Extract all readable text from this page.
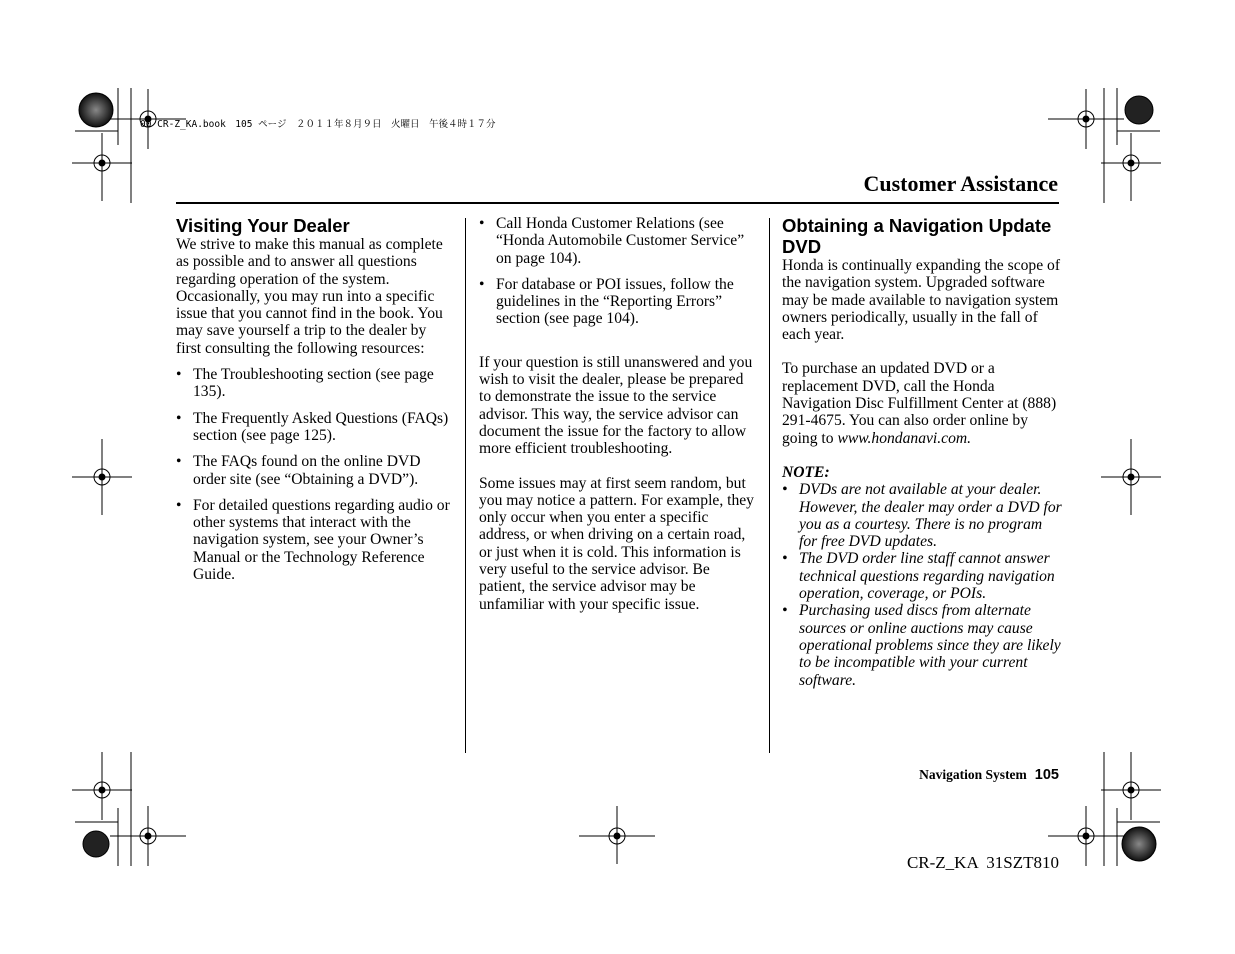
00 CR-Z_KA.book　105 ページ　２０１１年８月９日　火曜日　午後４時１７分
Customer Assistance
Visiting Your Dealer

We strive to make this manual as complete as possible and to answer all questions regarding operation of the system. Occasionally, you may run into a specific issue that you cannot find in the book. You may save yourself a trip to the dealer by first consulting the following resources:

• The Troubleshooting section (see page 135).
• The Frequently Asked Questions (FAQs) section (see page 125).
• The FAQs found on the online DVD order site (see “Obtaining a DVD”).
• For detailed questions regarding audio or other systems that interact with the navigation system, see your Owner’s Manual or the Technology Reference Guide.
• Call Honda Customer Relations (see “Honda Automobile Customer Service” on page 104).
• For database or POI issues, follow the guidelines in the “Reporting Errors” section (see page 104).

If your question is still unanswered and you wish to visit the dealer, please be prepared to demonstrate the issue to the service advisor. This way, the service advisor can document the issue for the factory to allow more efficient troubleshooting.

Some issues may at first seem random, but you may notice a pattern. For example, they only occur when you enter a specific address, or when driving on a certain road, or just when it is cold. This information is very useful to the service advisor. Be patient, the service advisor may be unfamiliar with your specific issue.

Obtaining a Navigation Update DVD

Honda is continually expanding the scope of the navigation system. Upgraded software may be made available to navigation system owners periodically, usually in the fall of each year.

To purchase an updated DVD or a replacement DVD, call the Honda Navigation Disc Fulfillment Center at (888) 291-4675. You can also order online by going to www.hondanavi.com.

NOTE:

• DVDs are not available at your dealer. However, the dealer may order a DVD for you as a courtesy. There is no program for free DVD updates.
• The DVD order line staff cannot answer technical questions regarding navigation operation, coverage, or POIs.
• Purchasing used discs from alternate sources or online auctions may cause operational problems since they are likely to be incompatible with your current software.
Navigation System 105
CR-Z_KA  31SZT810
